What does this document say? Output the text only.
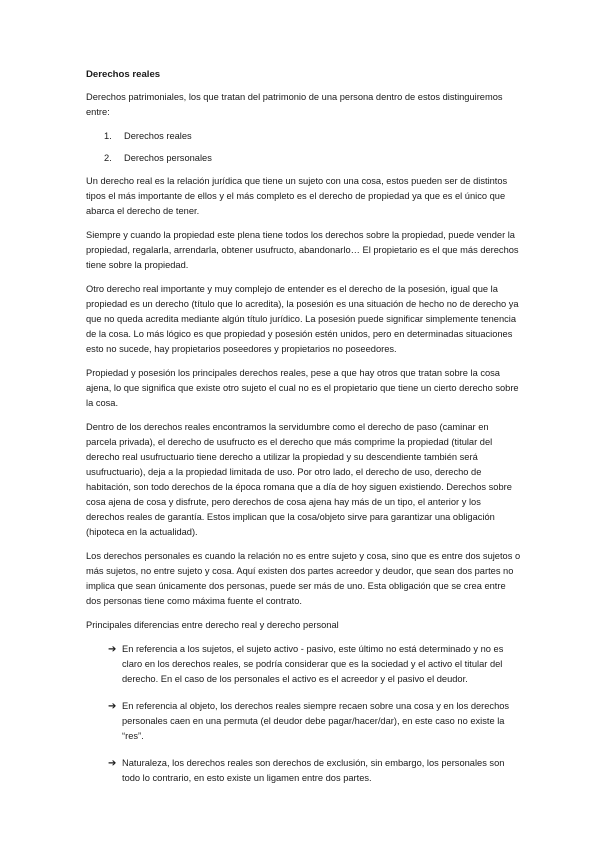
Derechos reales

Derechos patrimoniales, los que tratan del patrimonio de una persona dentro de estos distinguiremos entre:

1.	Derechos reales
2.	Derechos personales

Un derecho real es la relación jurídica que tiene un sujeto con una cosa, estos pueden ser de distintos tipos el más importante de ellos y el más completo es el derecho de propiedad ya que es el único que abarca el derecho de tener.

Siempre y cuando la propiedad este plena tiene todos los derechos sobre la propiedad, puede vender la propiedad, regalarla, arrendarla, obtener usufructo, abandonarlo… El propietario es el que más derechos tiene sobre la propiedad.

Otro derecho real importante y muy complejo de entender es el derecho de la posesión, igual que la propiedad es un derecho (título que lo acredita), la posesión es una situación de hecho no de derecho ya que no queda acredita mediante algún título jurídico. La posesión puede significar simplemente tenencia de la cosa. Lo más lógico es que propiedad y posesión estén unidos, pero en determinadas situaciones esto no sucede, hay propietarios poseedores y propietarios no poseedores.

Propiedad y posesión los principales derechos reales, pese a que hay otros que tratan sobre la cosa ajena, lo que significa que existe otro sujeto el cual no es el propietario que tiene un cierto derecho sobre la cosa.

Dentro de los derechos reales encontramos la servidumbre como el derecho de paso (caminar en parcela privada), el derecho de usufructo es el derecho que más comprime la propiedad (titular del derecho real usufructuario tiene derecho a utilizar la propiedad y su descendiente también será usufructuario), deja a la propiedad limitada de uso. Por otro lado, el derecho de uso, derecho de habitación, son todo derechos de la época romana que a día de hoy siguen existiendo. Derechos sobre cosa ajena de cosa y disfrute, pero derechos de cosa ajena hay más de un tipo, el anterior y los derechos reales de garantía. Estos implican que la cosa/objeto sirve para garantizar una obligación (hipoteca en la actualidad).

Los derechos personales es cuando la relación no es entre sujeto y cosa, sino que es entre dos sujetos o más sujetos, no entre sujeto y cosa. Aquí existen dos partes acreedor y deudor, que sean dos partes no implica que sean únicamente dos personas, puede ser más de uno. Esta obligación que se crea entre dos personas tiene como máxima fuente el contrato.

Principales diferencias entre derecho real y derecho personal

➔ En referencia a los sujetos, el sujeto activo - pasivo, este último no está determinado y no es claro en los derechos reales, se podría considerar que es la sociedad y el activo el titular del derecho. En el caso de los personales el activo es el acreedor y el pasivo el deudor.
➔ En referencia al objeto, los derechos reales siempre recaen sobre una cosa y en los derechos personales caen en una permuta (el deudor debe pagar/hacer/dar), en este caso no existe la “res”.
➔ Naturaleza, los derechos reales son derechos de exclusión, sin embargo, los personales son todo lo contrario, en esto existe un ligamen entre dos partes.
